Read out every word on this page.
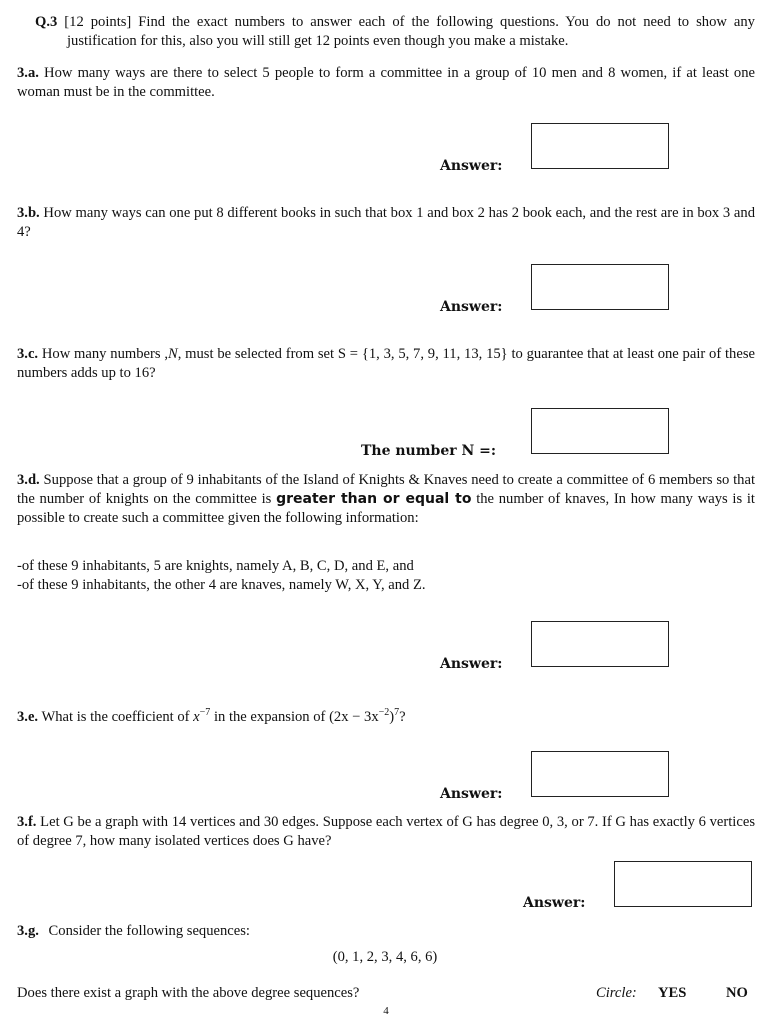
Q.3 [12 points] Find the exact numbers to answer each of the following questions. You do not need to show any justification for this, also you will still get 12 points even though you make a mistake.
3.a. How many ways are there to select 5 people to form a committee in a group of 10 men and 8 women, if at least one woman must be in the committee.
Answer:
3.b. How many ways can one put 8 different books in such that box 1 and box 2 has 2 book each, and the rest are in box 3 and 4?
Answer:
3.c. How many numbers ,N, must be selected from set S = {1, 3, 5, 7, 9, 11, 13, 15} to guarantee that at least one pair of these numbers adds up to 16?
The number N =:
3.d. Suppose that a group of 9 inhabitants of the Island of Knights & Knaves need to create a committee of 6 members so that the number of knights on the committee is greater than or equal to the number of knaves, In how many ways is it possible to create such a committee given the following information:
-of these 9 inhabitants, 5 are knights, namely A, B, C, D, and E, and
-of these 9 inhabitants, the other 4 are knaves, namely W, X, Y, and Z.
Answer:
3.e. What is the coefficient of $x^{-7}$ in the expansion of $(2x - 3x^{-2})^7$?
Answer:
3.f. Let G be a graph with 14 vertices and 30 edges. Suppose each vertex of G has degree 0, 3, or 7. If G has exactly 6 vertices of degree 7, how many isolated vertices does G have?
Answer:
3.g. Consider the following sequences:
(0, 1, 2, 3, 4, 6, 6)
Does there exist a graph with the above degree sequences?	Circle: YES	NO
4
